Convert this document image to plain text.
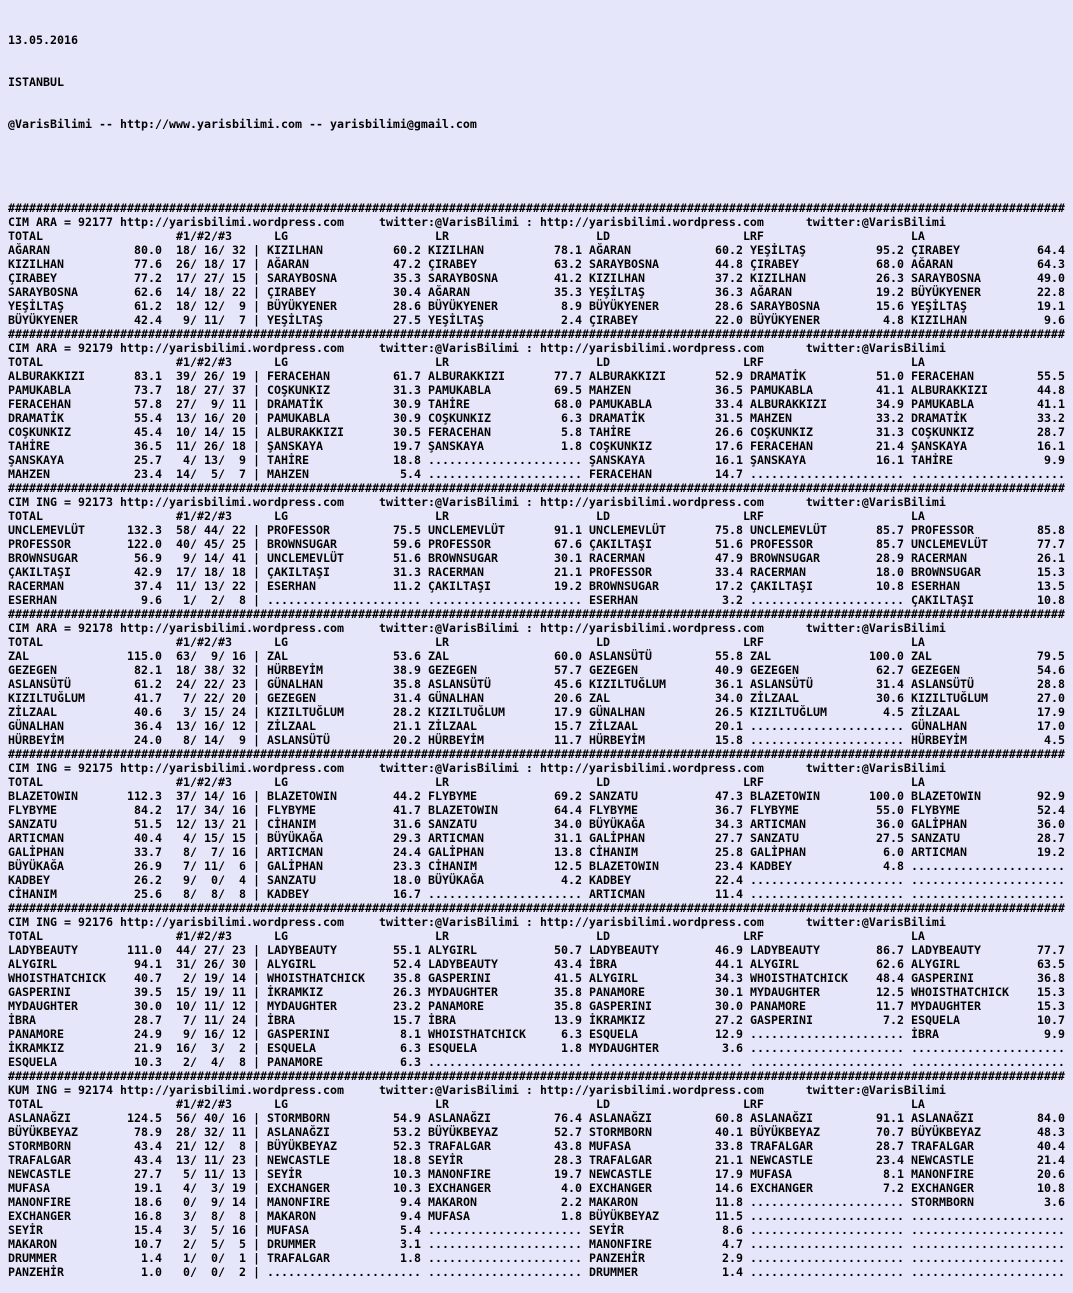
13.05.2016

ISTANBUL

@VarisBilimi -- http://www.yarisbilimi.com -- yarisbilimi@gmail.com

#######################################################################################################################################################
CIM ARA = 92177 http://yarisbilimi.wordpress.com	twitter:@VarisBilimi : http://yarisbilimi.wordpress.com	twitter:@VarisBilimi
TOTAL	#1/#2/#3	LG	LR	LD	LRF	LA
AĞARAN	80.0 18/ 16/ 32 | KIZILHAN	60.2 KIZILHAN	78.1 AĞARAN	60.2 YEŞİLTAŞ	95.2 ÇIRABEY	64.4
KIZILHAN	77.6 26/ 18/ 17 | AĞARAN	47.2 ÇIRABEY	63.2 SARAYBOSNA	44.8 ÇIRABEY	68.0 AĞARAN	64.3
ÇIRABEY	77.2 17/ 27/ 15 | SARAYBOSNA	35.3 SARAYBOSNA	41.2 KIZILHAN	37.2 KIZILHAN	26.3 SARAYBOSNA	49.0
SARAYBOSNA	62.6 14/ 18/ 22 | ÇIRABEY	30.4 AĞARAN	35.3 YEŞİLTAŞ	36.3 AĞARAN	19.2 BÜYÜKYENER	22.8
YEŞİLTAŞ	61.2 18/ 12/  9 | BÜYÜKYENER	28.6 BÜYÜKYENER	8.9 BÜYÜKYENER	28.6 SARAYBOSNA	15.6 YEŞİLTAŞ	19.1
BÜYÜKYENER	42.4   9/ 11/  7 | YEŞİLTAŞ	27.5 YEŞİLTAŞ	2.4 ÇIRABEY	22.0 BÜYÜKYENER	4.8 KIZILHAN	9.6
#######################################################################################################################################################
CIM ARA = 92179 http://yarisbilimi.wordpress.com	twitter:@VarisBilimi : http://yarisbilimi.wordpress.com	twitter:@VarisBilimi
TOTAL	#1/#2/#3	LG	LR	LD	LRF	LA
ALBURAKKIZI	83.1 39/ 26/ 19 | FERACEHAN	61.7 ALBURAKKIZI	77.7 ALBURAKKIZI	52.9 DRAMATİK	51.0 FERACEHAN	55.5
PAMUKABLA	73.7 18/ 27/ 37 | COŞKUNKIZ	31.3 PAMUKABLA	69.5 MAHZEN	36.5 PAMUKABLA	41.1 ALBURAKKIZI	44.8
FERACEHAN	57.8 27/  9/ 11 | DRAMATİK	30.9 TAHİRE	68.0 PAMUKABLA	33.4 ALBURAKKIZI	34.9 PAMUKABLA	41.1
DRAMATİK	55.4 13/ 16/ 20 | PAMUKABLA	30.9 COŞKUNKIZ	6.3 DRAMATİK	31.5 MAHZEN	33.2 DRAMATİK	33.2
COŞKUNKIZ	45.4 10/ 14/ 15 | ALBURAKKIZI	30.5 FERACEHAN	5.8 TAHİRE	26.6 COŞKUNKIZ	31.3 COŞKUNKIZ	28.7
TAHİRE	36.5 11/ 26/ 18 | ŞANSKAYA	19.7 ŞANSKAYA	1.8 COŞKUNKIZ	17.6 FERACEHAN	21.4 ŞANSKAYA	16.1
ŞANSKAYA	25.7   4/ 13/  9 | TAHİRE	18.8 ...................... ŞANSKAYA	16.1 ŞANSKAYA	16.1 TAHİRE	9.9
MAHZEN	23.4 14/  5/  7 | MAHZEN	5.4 ...................... FERACEHAN	14.7 ...................... ......................
#######################################################################################################################################################
CIM ING = 92173 http://yarisbilimi.wordpress.com	twitter:@VarisBilimi : http://yarisbilimi.wordpress.com	twitter:@VarisBilimi
TOTAL	#1/#2/#3	LG	LR	LD	LRF	LA
UNCLEMEVLÜT	132.3 58/ 44/ 22 | PROFESSOR	75.5 UNCLEMEVLÜT	91.1 UNCLEMEVLÜT	75.8 UNCLEMEVLÜT	85.7 PROFESSOR	85.8
PROFESSOR	122.0 40/ 45/ 25 | BROWNSUGAR	59.6 PROFESSOR	67.6 ÇAKILTAŞI	51.6 PROFESSOR	85.7 UNCLEMEVLÜT	77.7
BROWNSUGAR	56.9   9/ 14/ 41 | UNCLEMEVLÜT	51.6 BROWNSUGAR	30.1 RACERMAN	47.9 BROWNSUGAR	28.9 RACERMAN	26.1
ÇAKILTAŞI	42.9 17/ 18/ 18 | ÇAKILTAŞI	31.3 RACERMAN	21.1 PROFESSOR	33.4 RACERMAN	18.0 BROWNSUGAR	15.3
RACERMAN	37.4 11/ 13/ 22 | ESERHAN	11.2 ÇAKILTAŞI	19.2 BROWNSUGAR	17.2 ÇAKILTAŞI	10.8 ESERHAN	13.5
ESERHAN	9.6   1/  2/  8 | ...................... ...................... ESERHAN	3.2 ...................... ÇAKILTAŞI	10.8
#######################################################################################################################################################
CIM ARA = 92178 http://yarisbilimi.wordpress.com	twitter:@VarisBilimi : http://yarisbilimi.wordpress.com	twitter:@VarisBilimi
TOTAL	#1/#2/#3	LG	LR	LD	LRF	LA
ZAL	115.0 63/  9/ 16 | ZAL	53.6 ZAL	60.0 ASLANSÜTÜ	55.8 ZAL	100.0 ZAL	79.5
GEZEGEN	82.1 18/ 38/ 32 | HÜRBEYİM	38.9 GEZEGEN	57.7 GEZEGEN	40.9 GEZEGEN	62.7 GEZEGEN	54.6
ASLANSÜTÜ	61.2 24/ 22/ 23 | GÜNALHAN	35.8 ASLANSÜTÜ	45.6 KIZILTUĞLUM	36.1 ASLANSÜTÜ	31.4 ASLANSÜTÜ	28.8
KIZILTUĞLUM	41.7   7/ 22/ 20 | GEZEGEN	31.4 GÜNALHAN	20.6 ZAL	34.0 ZİLZAAL	30.6 KIZILTUĞLUM	27.0
ZİLZAAL	40.6   3/ 15/ 24 | KIZILTUĞLUM	28.2 KIZILTUĞLUM	17.9 GÜNALHAN	26.5 KIZILTUĞLUM	4.5 ZİLZAAL	17.9
GÜNALHAN	36.4 13/ 16/ 12 | ZİLZAAL	21.1 ZİLZAAL	15.7 ZİLZAAL	20.1 ...................... GÜNALHAN	17.0
HÜRBEYİM	24.0   8/ 14/  9 | ASLANSÜTÜ	20.2 HÜRBEYİM	11.7 HÜRBEYİM	15.8 ...................... HÜRBEYİM	4.5
#######################################################################################################################################################
CIM ING = 92175 http://yarisbilimi.wordpress.com	twitter:@VarisBilimi : http://yarisbilimi.wordpress.com	twitter:@VarisBilimi
TOTAL	#1/#2/#3	LG	LR	LD	LRF	LA
BLAZETOWIN	112.3 37/ 14/ 16 | BLAZETOWIN	44.2 FLYBYME	69.2 SANZATU	47.3 BLAZETOWIN	100.0 BLAZETOWIN	92.9
FLYBYME	84.2 17/ 34/ 16 | FLYBYME	41.7 BLAZETOWIN	64.4 FLYBYME	36.7 FLYBYME	55.0 FLYBYME	52.4
SANZATU	51.5 12/ 13/ 21 | CİHANIM	31.6 SANZATU	34.0 BÜYÜKAĞA	34.3 ARTICMAN	36.0 GALİPHAN	36.0
ARTICMAN	40.4   4/ 15/ 15 | BÜYÜKAĞA	29.3 ARTICMAN	31.1 GALİPHAN	27.7 SANZATU	27.5 SANZATU	28.7
GALİPHAN	33.7   8/  7/ 16 | ARTICMAN	24.4 GALİPHAN	13.8 CİHANIM	25.8 GALİPHAN	6.0 ARTICMAN	19.2
BÜYÜKAĞA	26.9   7/ 11/  6 | GALİPHAN	23.3 CİHANIM	12.5 BLAZETOWIN	23.4 KADBEY	4.8 ......................
KADBEY	26.2   9/  0/  4 | SANZATU	18.0 BÜYÜKAĞA	4.2 KADBEY	22.4 ...................... ......................
CİHANIM	25.6   8/  8/  8 | KADBEY	16.7 ...................... ARTICMAN	11.4 ...................... ......................
#######################################################################################################################################################
CIM ING = 92176 http://yarisbilimi.wordpress.com	twitter:@VarisBilimi : http://yarisbilimi.wordpress.com	twitter:@VarisBilimi
TOTAL	#1/#2/#3	LG	LR	LD	LRF	LA
LADYBEAUTY	111.0 44/ 27/ 23 | LADYBEAUTY	55.1 ALYGIRL	50.7 LADYBEAUTY	46.9 LADYBEAUTY	86.7 LADYBEAUTY	77.7
ALYGIRL	94.1 31/ 26/ 30 | ALYGIRL	52.4 LADYBEAUTY	43.4 İBRA	44.1 ALYGIRL	62.6 ALYGIRL	63.5
WHOISTHATCHICK 40.7   2/ 19/ 14 | WHOISTHATCHICK 35.8 GASPERINI	41.5 ALYGIRL	34.3 WHOISTHATCHICK 48.4 GASPERINI	36.8
GASPERINI	39.5 15/ 19/ 11 | İKRAMKIZ	26.3 MYDAUGHTER	35.8 PANAMORE	30.1 MYDAUGHTER	12.5 WHOISTHATCHICK 15.3
MYDAUGHTER	30.0 10/ 11/ 12 | MYDAUGHTER	23.2 PANAMORE	35.8 GASPERINI	30.0 PANAMORE	11.7 MYDAUGHTER	15.3
İBRA	28.7   7/ 11/ 24 | İBRA	15.7 İBRA	13.9 İKRAMKIZ	27.2 GASPERINI	7.2 ESQUELA	10.7
PANAMORE	24.9   9/ 16/ 12 | GASPERINI	8.1 WHOISTHATCHICK	6.3 ESQUELA	12.9 ...................... İBRA	9.9
İKRAMKIZ	21.9 16/  3/  2 | ESQUELA	6.3 ESQUELA	1.8 MYDAUGHTER	3.6 ...................... ......................
ESQUELA	10.3   2/  4/  8 | PANAMORE	6.3 ...................... ...................... ...................... ......................
#######################################################################################################################################################
KUM ING = 92174 http://yarisbilimi.wordpress.com	twitter:@VarisBilimi : http://yarisbilimi.wordpress.com	twitter:@VarisBilimi
TOTAL	#1/#2/#3	LG	LR	LD	LRF	LA
ASLANAĞZI	124.5 56/ 40/ 16 | STORMBORN	54.9 ASLANAĞZI	76.4 ASLANAĞZI	60.8 ASLANAĞZI	91.1 ASLANAĞZI	84.0
BÜYÜKBEYAZ	78.9 28/ 32/ 11 | ASLANAĞZI	53.2 BÜYÜKBEYAZ	52.7 STORMBORN	40.1 BÜYÜKBEYAZ	70.7 BÜYÜKBEYAZ	48.3
STORMBORN	43.4 21/ 12/  8 | BÜYÜKBEYAZ	52.3 TRAFALGAR	43.8 MUFASA	33.8 TRAFALGAR	28.7 TRAFALGAR	40.4
TRAFALGAR	43.4 13/ 11/ 23 | NEWCASTLE	18.8 SEYİR	28.3 TRAFALGAR	21.1 NEWCASTLE	23.4 NEWCASTLE	21.4
NEWCASTLE	27.7   5/ 11/ 13 | SEYİR	10.3 MANONFIRE	19.7 NEWCASTLE	17.9 MUFASA	8.1 MANONFIRE	20.6
MUFASA	19.1   4/  3/ 19 | EXCHANGER	10.3 EXCHANGER	4.0 EXCHANGER	14.6 EXCHANGER	7.2 EXCHANGER	10.8
MANONFIRE	18.6   0/  9/ 14 | MANONFIRE	9.4 MAKARON	2.2 MAKARON	11.8 ...................... STORMBORN	3.6
EXCHANGER	16.8   3/  8/  8 | MAKARON	9.4 MUFASA	1.8 BÜYÜKBEYAZ	11.5 ...................... ......................
SEYİR	15.4   3/  5/ 16 | MUFASA	5.4 ...................... SEYİR	8.6 ...................... ......................
MAKARON	10.7   2/  5/  5 | DRUMMER	3.1 ...................... MANONFIRE	4.7 ...................... ......................
DRUMMER	1.4   1/  0/  1 | TRAFALGAR	1.8 ...................... PANZEHİR	2.9 ...................... ......................
PANZEHİR	1.0   0/  0/  2 | ...................... ...................... DRUMMER	1.4 ...................... ......................
